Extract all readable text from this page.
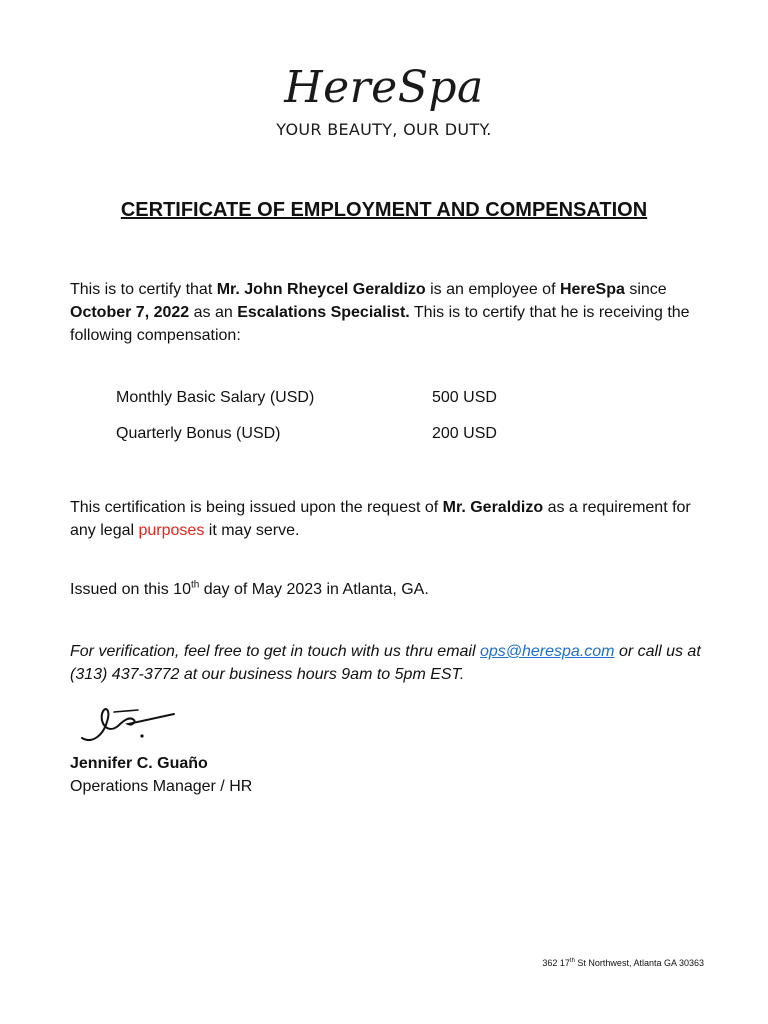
HereSpa
YOUR BEAUTY, OUR DUTY.
CERTIFICATE OF EMPLOYMENT AND COMPENSATION
This is to certify that Mr. John Rheycel Geraldizo is an employee of HereSpa since October 7, 2022 as an Escalations Specialist. This is to certify that he is receiving the following compensation:
Monthly Basic Salary (USD)	500 USD
Quarterly Bonus (USD)	200 USD
This certification is being issued upon the request of Mr. Geraldizo as a requirement for any legal purposes it may serve.
Issued on this 10th day of May 2023 in Atlanta, GA.
For verification, feel free to get in touch with us thru email ops@herespa.com or call us at (313) 437-3772 at our business hours 9am to 5pm EST.
Jennifer C. Guaño
Operations Manager / HR
362 17th St Northwest, Atlanta GA 30363
